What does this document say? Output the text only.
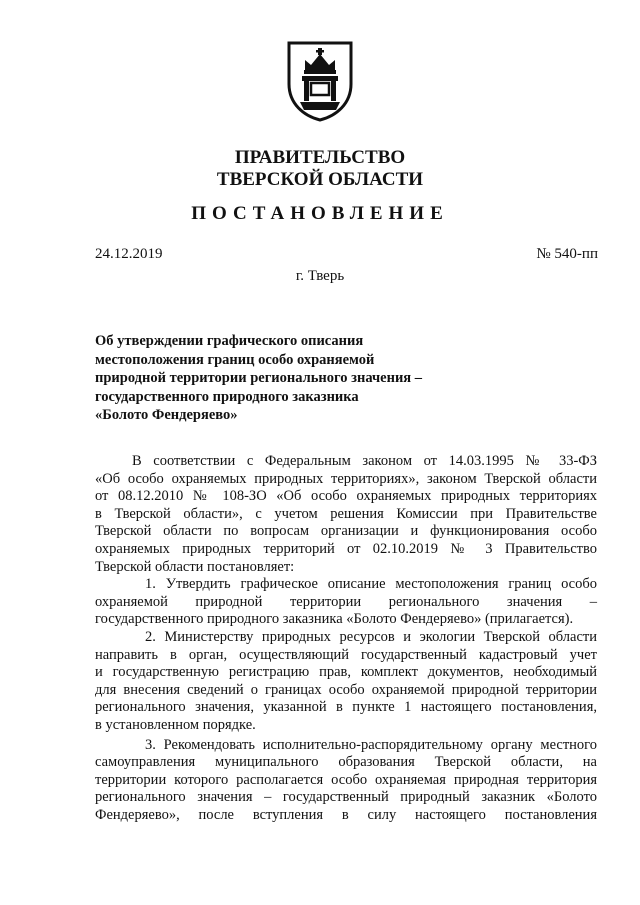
ПРАВИТЕЛЬСТВО
ТВЕРСКОЙ ОБЛАСТИ
ПОСТАНОВЛЕНИЕ
24.12.2019	№ 540-пп
г. Тверь
Об утверждении графического описания
местоположения границ особо охраняемой
природной территории регионального значения –
государственного природного заказника
«Болото Фендеряево»
В соответствии с Федеральным законом от 14.03.1995 № 33-ФЗ
«Об особо охраняемых природных территориях», законом Тверской области
от 08.12.2010 № 108-ЗО «Об особо охраняемых природных территориях
в Тверской области», с учетом решения Комиссии при Правительстве
Тверской области по вопросам организации и функционирования особо
охраняемых природных территорий от 02.10.2019 № 3 Правительство
Тверской области постановляет:
1. Утвердить графическое описание местоположения границ особо
охраняемой природной территории регионального значения –
государственного природного заказника «Болото Фендеряево» (прилагается).
2. Министерству природных ресурсов и экологии Тверской области
направить в орган, осуществляющий государственный кадастровый учет
и государственную регистрацию прав, комплект документов, необходимый
для внесения сведений о границах особо охраняемой природной территории
регионального значения, указанной в пункте 1 настоящего постановления,
в установленном порядке.
3. Рекомендовать исполнительно-распорядительному органу местного
самоуправления муниципального образования Тверской области, на
территории которого располагается особо охраняемая природная территория
регионального значения – государственный природный заказник «Болото
Фендеряево», после вступления в силу настоящего постановления
